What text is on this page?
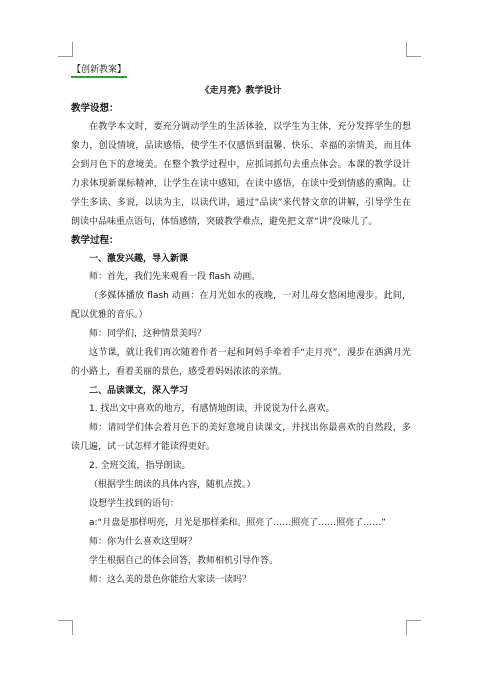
【创新教案】
《走月亮》教学设计
教学设想：

在教学本文时，要充分调动学生的生活体验，以学生为主体，充分发挥学生的想象力，创设情境，品读感悟，使学生不仅感悟到温馨、快乐、幸福的亲情美，而且体会到月色下的意境美。在整个教学过程中，应抓词抓句去重点体会。本课的教学设计力求体现新课标精神，让学生在读中感知，在读中感悟，在读中受到情感的熏陶。让学生多读、多说，以读为主，以读代讲，通过“品读”来代替文章的讲解，引导学生在朗读中品味重点语句，体悟感情，突破教学难点，避免把文章“讲”没味儿了。

教学过程：
一、激发兴趣，导入新课

师：首先，我们先来观看一段 flash 动画。

（多媒体播放 flash 动画：在月光如水的夜晚，一对儿母女悠闲地漫步。此间，配以优雅的音乐。）

师：同学们，这种情景美吗？

这节课，就让我们再次随着作者一起和阿妈手牵着手“走月亮”，漫步在洒满月光的小路上，看着美丽的景色，感受着妈妈浓浓的亲情。

二、品读课文，深入学习

1. 找出文中喜欢的地方，有感情地朗读，并说说为什么喜欢。

师：请同学们体会着月色下的美好意境自读课文，并找出你最喜欢的自然段，多读几遍，试一试怎样才能读得更好。

2. 全班交流，指导朗读。

（根据学生朗读的具体内容，随机点拨。）

设想学生找到的语句：

a:“月盘是那样明亮，月光是那样柔和。照亮了……照亮了……照亮了……”

师：你为什么喜欢这里呀？

学生根据自己的体会回答，教师相机引导作答。

师：这么美的景色你能给大家读一读吗？
